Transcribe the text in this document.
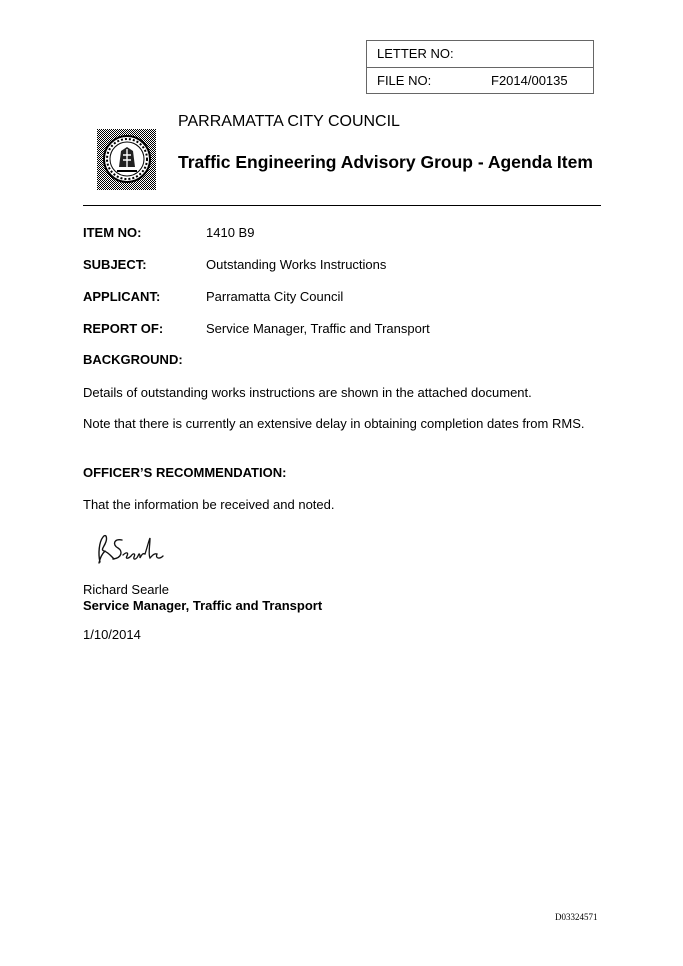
LETTER NO:
FILE NO:	F2014/00135
PARRAMATTA CITY COUNCIL
Traffic Engineering Advisory Group - Agenda Item
ITEM NO:	1410 B9
SUBJECT:	Outstanding Works Instructions
APPLICANT:	Parramatta City Council
REPORT OF:	Service Manager, Traffic and Transport
BACKGROUND:
Details of outstanding works instructions are shown in the attached document.
Note that there is currently an extensive delay in obtaining completion dates from RMS.
OFFICER’S RECOMMENDATION:
That the information be received and noted.
Richard Searle
Service Manager, Traffic and Transport
1/10/2014
D03324571
